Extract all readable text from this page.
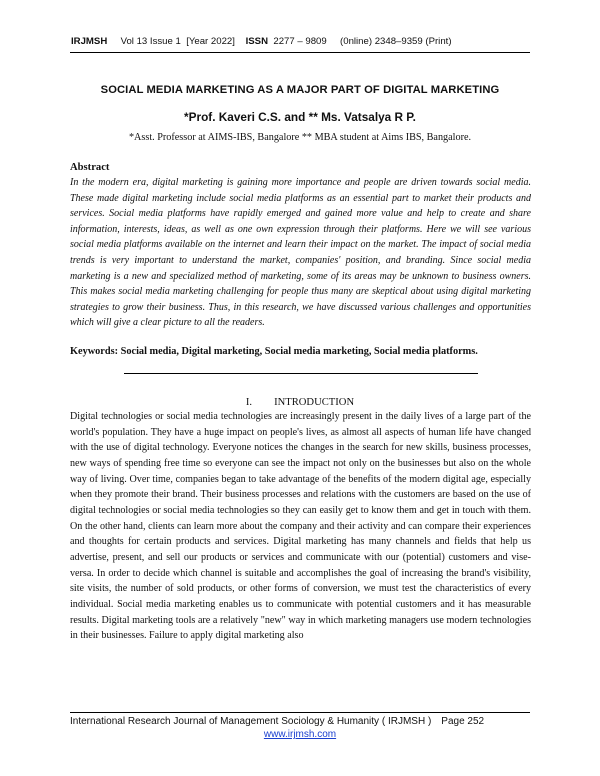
IRJMSH Vol 13 Issue 1 [Year 2022] ISSN 2277 – 9809 (0nline) 2348–9359 (Print)
SOCIAL MEDIA MARKETING AS A MAJOR PART OF DIGITAL MARKETING
*Prof. Kaveri C.S. and ** Ms. Vatsalya R P.
*Asst. Professor at AIMS-IBS, Bangalore ** MBA student at Aims IBS, Bangalore.
Abstract
In the modern era, digital marketing is gaining more importance and people are driven towards social media. These made digital marketing include social media platforms as an essential part to market their products and services. Social media platforms have rapidly emerged and gained more value and help to create and share information, interests, ideas, as well as one own expression through their platforms. Here we will see various social media platforms available on the internet and learn their impact on the market. The impact of social media trends is very important to understand the market, companies' position, and branding. Since social media marketing is a new and specialized method of marketing, some of its areas may be unknown to business owners. This makes social media marketing challenging for people thus many are skeptical about using digital marketing strategies to grow their business. Thus, in this research, we have discussed various challenges and opportunities which will give a clear picture to all the readers.
Keywords: Social media, Digital marketing, Social media marketing, Social media platforms.
I. INTRODUCTION
Digital technologies or social media technologies are increasingly present in the daily lives of a large part of the world's population. They have a huge impact on people's lives, as almost all aspects of human life have changed with the use of digital technology. Everyone notices the changes in the search for new skills, business processes, new ways of spending free time so everyone can see the impact not only on the businesses but also on the whole way of living. Over time, companies began to take advantage of the benefits of the modern digital age, especially when they promote their brand. Their business processes and relations with the customers are based on the use of digital technologies or social media technologies so they can easily get to know them and get in touch with them. On the other hand, clients can learn more about the company and their activity and can compare their experiences and thoughts for certain products and services. Digital marketing has many channels and fields that help us advertise, present, and sell our products or services and communicate with our (potential) customers and vise-versa. In order to decide which channel is suitable and accomplishes the goal of increasing the brand's visibility, site visits, the number of sold products, or other forms of conversion, we must test the characteristics of every individual. Social media marketing enables us to communicate with potential customers and it has measurable results. Digital marketing tools are a relatively "new" way in which marketing managers use modern technologies in their businesses. Failure to apply digital marketing also
International Research Journal of Management Sociology & Humanity ( IRJMSH ) Page 252
www.irjmsh.com
